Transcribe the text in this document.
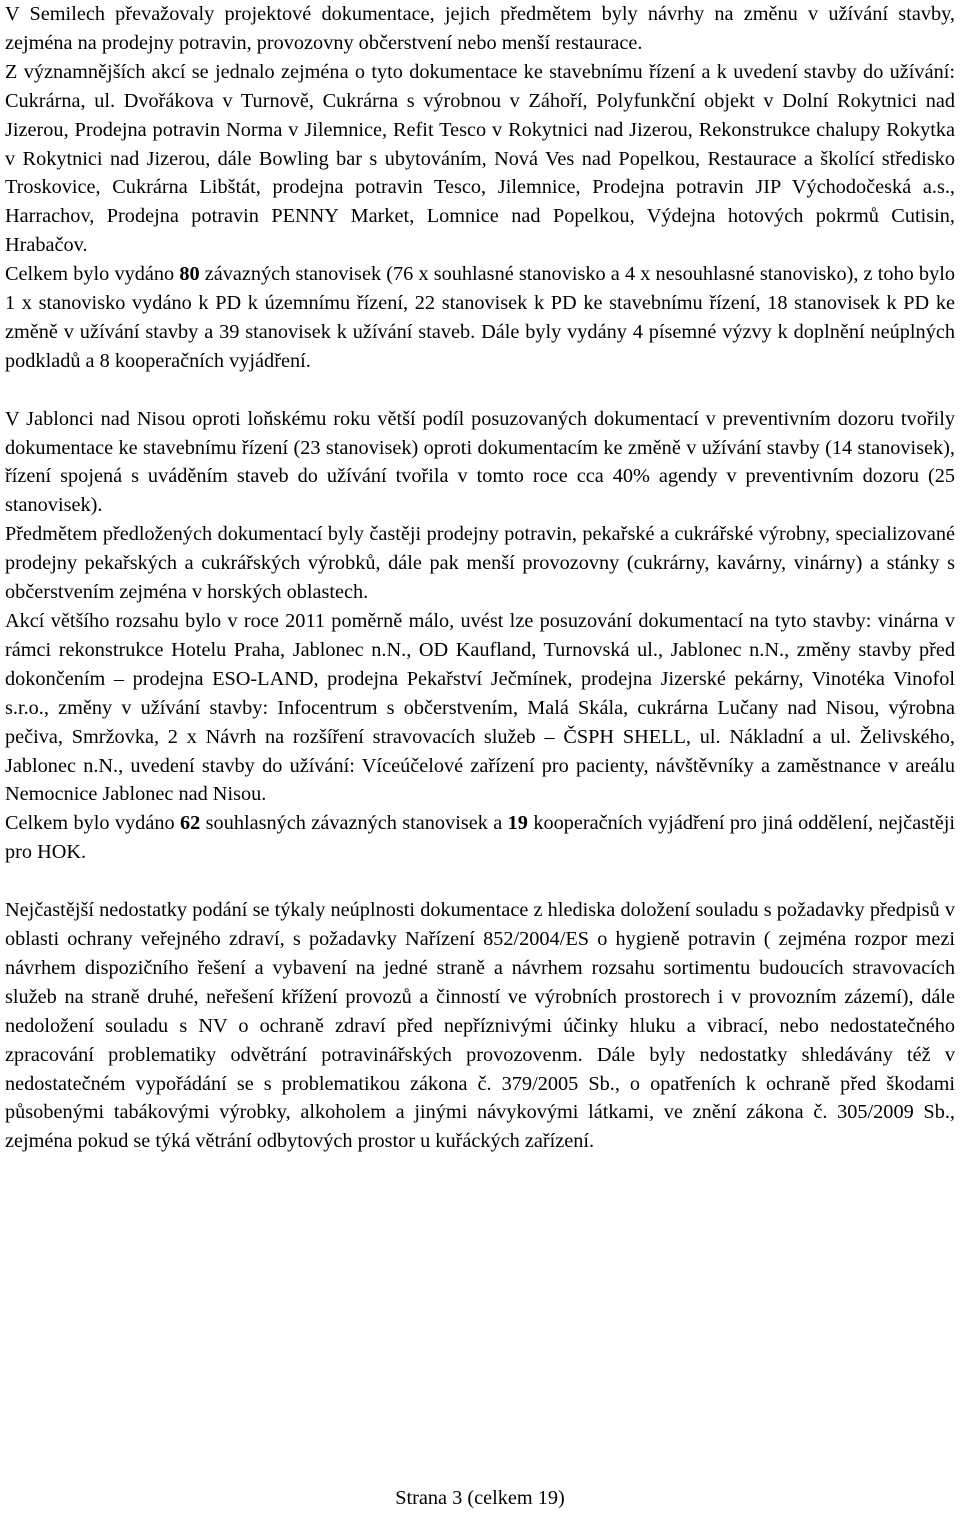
V Semilech převažovaly projektové dokumentace, jejich předmětem byly návrhy na změnu v užívání stavby, zejména na prodejny potravin, provozovny občerstvení nebo menší restaurace.

Z významnějších akcí se jednalo zejména o tyto dokumentace ke stavebnímu řízení a k uvedení stavby do užívání: Cukrárna, ul. Dvořákova v Turnově, Cukrárna s výrobnou v Záhoří, Polyfunkční objekt v Dolní Rokytnici nad Jizerou, Prodejna potravin Norma v Jilemnice, Refit Tesco v Rokytnici nad Jizerou, Rekonstrukce chalupy Rokytka v Rokytnici nad Jizerou, dále Bowling bar s ubytováním, Nová Ves nad Popelkou, Restaurace a školící středisko Troskovice, Cukrárna Libštát, prodejna potravin Tesco, Jilemnice, Prodejna potravin JIP Východočeská a.s., Harrachov, Prodejna potravin PENNY Market, Lomnice nad Popelkou, Výdejna hotových pokrmů Cutisin, Hrabačov.

Celkem bylo vydáno 80 závazných stanovisek (76 x souhlasné stanovisko a 4 x nesouhlasné stanovisko), z toho bylo 1 x stanovisko vydáno k PD k územnímu řízení, 22 stanovisek k PD ke stavebnímu řízení, 18 stanovisek k PD ke změně v užívání stavby a 39 stanovisek k užívání staveb. Dále byly vydány 4 písemné výzvy k doplnění neúplných podkladů a 8 kooperačních vyjádření.

V Jablonci nad Nisou oproti loňskému roku větší podíl posuzovaných dokumentací v preventivním dozoru tvořily dokumentace ke stavebnímu řízení (23 stanovisek) oproti dokumentacím ke změně v užívání stavby (14 stanovisek), řízení spojená s uváděním staveb do užívání tvořila v tomto roce cca 40% agendy v preventivním dozoru (25 stanovisek).

Předmětem předložených dokumentací byly častěji prodejny potravin, pekařské a cukrářské výrobny, specializované prodejny pekařských a cukrářských výrobků, dále pak menší provozovny (cukrárny, kavárny, vinárny) a stánky s občerstvením zejména v horských oblastech.

Akcí většího rozsahu bylo v roce 2011 poměrně málo, uvést lze posuzování dokumentací na tyto stavby: vinárna v rámci rekonstrukce Hotelu Praha, Jablonec n.N., OD Kaufland, Turnovská ul., Jablonec n.N., změny stavby před dokončením – prodejna ESO-LAND, prodejna Pekařství Ječmínek, prodejna Jizerské pekárny, Vinotéka Vinofol s.r.o., změny v užívání stavby: Infocentrum s občerstvením, Malá Skála, cukrárna Lučany nad Nisou, výrobna pečiva, Smržovka, 2 x Návrh na rozšíření stravovacích služeb – ČSPH SHELL, ul. Nákladní a ul. Želivského, Jablonec n.N., uvedení stavby do užívání: Víceúčelové zařízení pro pacienty, návštěvníky a zaměstnance v areálu Nemocnice Jablonec nad Nisou.

Celkem bylo vydáno 62 souhlasných závazných stanovisek a 19 kooperačních vyjádření pro jiná oddělení, nejčastěji pro HOK.

Nejčastější nedostatky podání se týkaly neúplnosti dokumentace z hlediska doložení souladu s požadavky předpisů v oblasti ochrany veřejného zdraví, s požadavky Nařízení 852/2004/ES o hygieně potravin ( zejména rozpor mezi návrhem dispozičního řešení a vybavení na jedné straně a návrhem rozsahu sortimentu budoucích stravovacích služeb na straně druhé, neřešení křížení provozů a činností ve výrobních prostorech i v provozním zázemí), dále nedoložení souladu s NV o ochraně zdraví před nepříznivými účinky hluku a vibrací, nebo nedostatečného zpracování problematiky odvětrání potravinářských provozovenm. Dále byly nedostatky shledávány též v nedostatečném vypořádání se s problematikou zákona č. 379/2005 Sb., o opatřeních k ochraně před škodami působenými tabákovými výrobky, alkoholem a jinými návykovými látkami, ve znění zákona č. 305/2009 Sb., zejména pokud se týká větrání odbytových prostor u kuřáckých zařízení.

Strana 3 (celkem 19)
